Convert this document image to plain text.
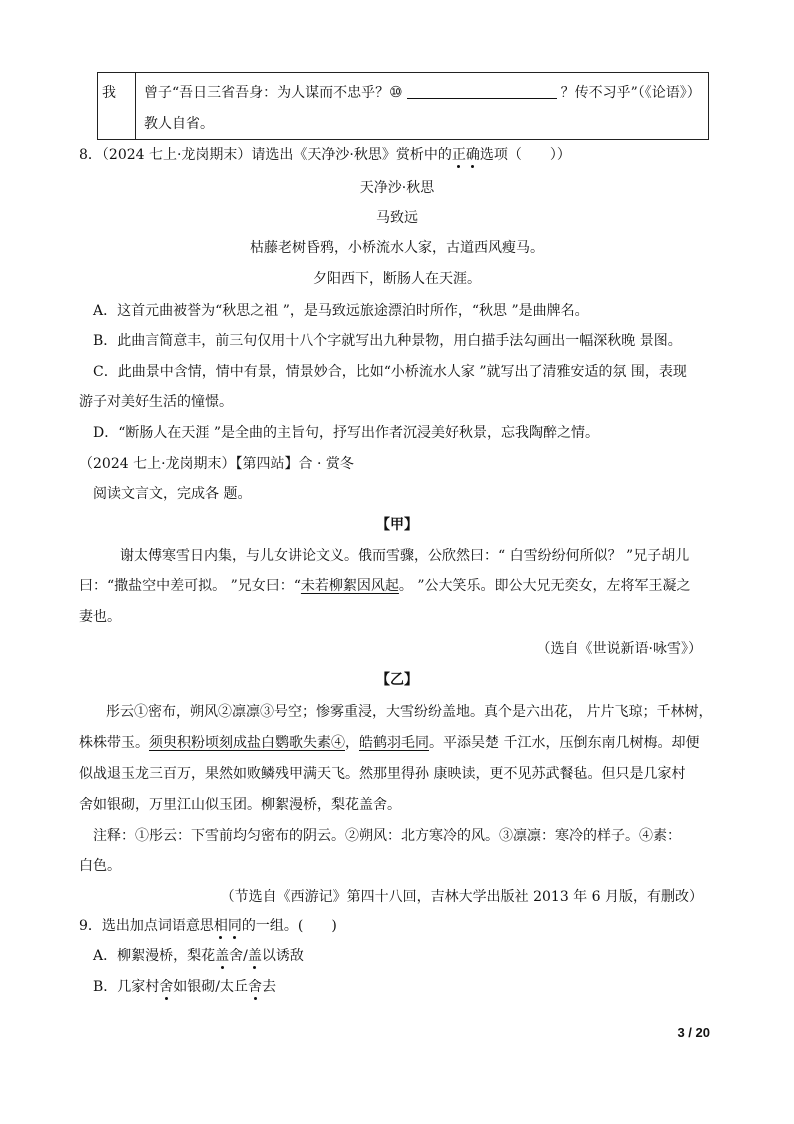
我 曾子“吾日三省吾身：为人谋而不忠乎？⑩	？传不习乎”（《论语》）
教人自省。
8．（2024 七上·龙岗期末）请选出《天净沙·秋思》赏析中的正确选项（　　））
天净沙·秋思
马致远
枯藤老树昏鸦，小桥流水人家，古道西风瘦马。
夕阳西下，断肠人在天涯。
A．这首元曲被誉为“秋思之祖 ”，是马致远旅途漂泊时所作，“秋思 ”是曲牌名。
B．此曲言简意丰，前三句仅用十八个字就写出九种景物，用白描手法勾画出一幅深秋晚 景图。
C．此曲景中含情，情中有景，情景妙合，比如“小桥流水人家 ”就写出了清雅安适的氛 围，表现
游子对美好生活的憧憬。
D．“断肠人在天涯 ”是全曲的主旨句，抒写出作者沉浸美好秋景，忘我陶醉之情。
（2024 七上·龙岗期末）【第四站】合 · 赏冬
阅读文言文，完成各 题。
【甲】
谢太傅寒雪日内集，与儿女讲论文义。俄而雪骤，公欣然曰：“ 白雪纷纷何所似？ ”兄子胡儿
曰：“撒盐空中差可拟。 ”兄女曰：“未若柳絮因风起。 ”公大笑乐。即公大兄无奕女，左将军王凝之
妻也。
（选自《世说新语·咏雪》）
【乙】
彤云①密布，朔风②凛凛③号空；惨雾重浸，大雪纷纷盖地。真个是六出花， 片片飞琼；千林树，
株株带玉。须臾积粉顷刻成盐白鹦歌失素④，皓鹤羽毛同。平添吴楚 千江水，压倒东南几树梅。却便
似战退玉龙三百万，果然如败鳞残甲满天飞。然那里得孙 康映读，更不见苏武餐毡。但只是几家村
舍如银砌，万里江山似玉团。柳絮漫桥，梨花盖舍。
注释：①彤云：下雪前均匀密布的阴云。②朔风：北方寒冷的风。③凛凛：寒冷的样子。④素：
白色。
（节选自《西游记》第四十八回，吉林大学出版社 2013 年 6 月版，有删改）
9．选出加点词语意思相同的一组。(　　)
A．柳絮漫桥，梨花盖舍/盖以诱敌
B．几家村舍如银砌/太丘舍去
3 / 20
